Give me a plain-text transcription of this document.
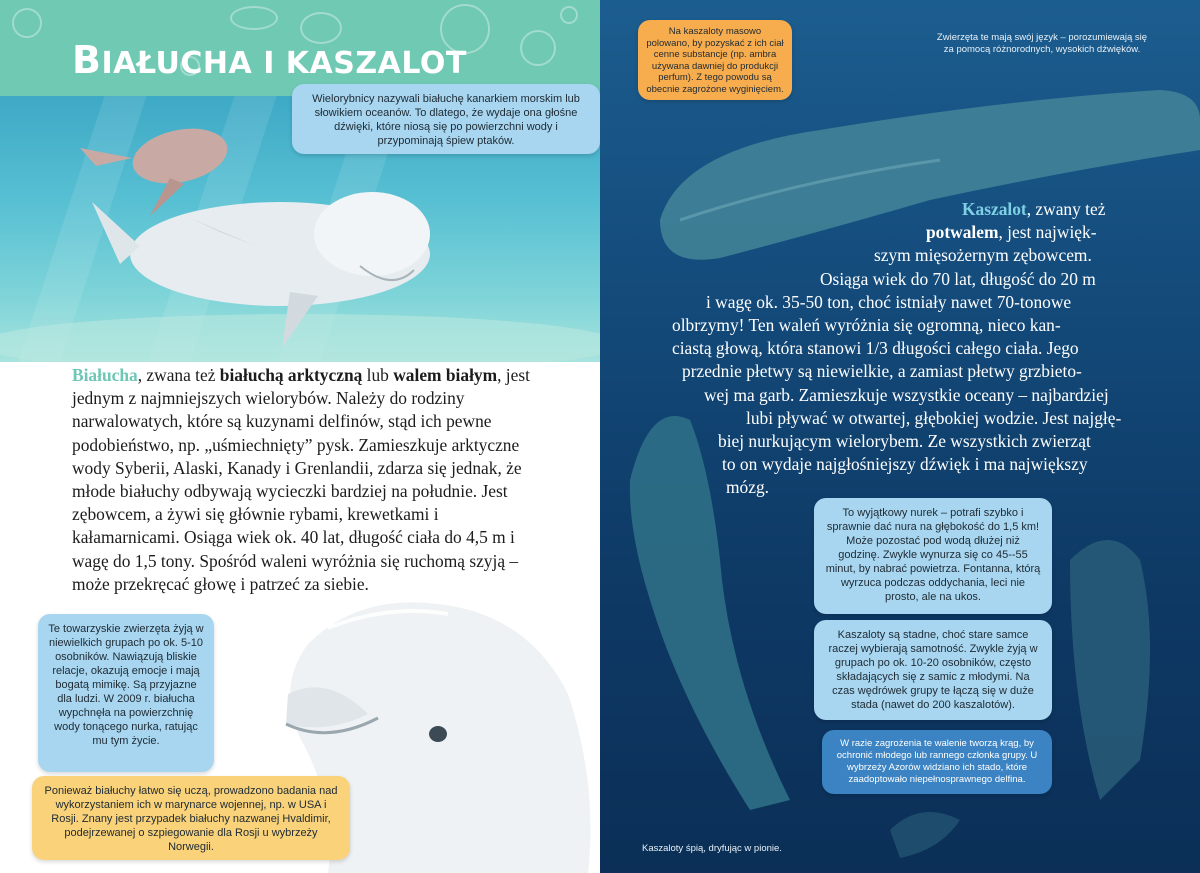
BIAŁUCHA I KASZALOT
Wielorybnicy nazywali białuchę kanarkiem morskim lub słowikiem oceanów. To dlatego, że wydaje ona głośne dźwięki, które niosą się po powierzchni wody i przypominają śpiew ptaków.
Białucha, zwana też białuchą arktyczną lub walem białym, jest jednym z najmniejszych wielorybów. Należy do rodziny narwalowatych, które są kuzynami delfinów, stąd ich pewne podobieństwo, np. „uśmiechnięty” pysk. Zamieszkuje arktyczne wody Syberii, Alaski, Kanady i Grenlandii, zdarza się jednak, że młode białuchy odbywają wycieczki bardziej na południe. Jest zębowcem, a żywi się głównie rybami, krewetkami i kałamarnicami. Osiąga wiek ok. 40 lat, długość ciała do 4,5 m i wagę do 1,5 tony. Spośród waleni wyróżnia się ruchomą szyją – może przekręcać głowę i patrzeć za siebie.
Te towarzyskie zwierzęta żyją w niewielkich grupach po ok. 5-10 osobników. Nawiązują bliskie relacje, okazują emocje i mają bogatą mimikę. Są przyjazne dla ludzi. W 2009 r. białucha wypchnęła na powierzchnię wody tonącego nurka, ratując mu tym życie.
Ponieważ białuchy łatwo się uczą, prowadzono badania nad wykorzystaniem ich w marynarce wojennej, np. w USA i Rosji. Znany jest przypadek białuchy nazwanej Hvaldimir, podejrzewanej o szpiegowanie dla Rosji u wybrzeży Norwegii.
Na kaszaloty masowo polowano, by pozyskać z ich ciał cenne substancje (np. ambra używana dawniej do produkcji perfum). Z tego powodu są obecnie zagrożone wyginięciem.
Zwierzęta te mają swój język – porozumiewają się za pomocą różnorodnych, wysokich dźwięków.
Kaszalot, zwany też
potwalem, jest najwięk-
szym mięsożernym zębowcem.
Osiąga wiek do 70 lat, długość do 20 m
i wagę ok. 35-50 ton, choć istniały nawet 70-tonowe
olbrzymy! Ten waleń wyróżnia się ogromną, nieco kan-
ciastą głową, która stanowi 1/3 długości całego ciała. Jego
przednie płetwy są niewielkie, a zamiast płetwy grzbieto-
wej ma garb. Zamieszkuje wszystkie oceany – najbardziej
lubi pływać w otwartej, głębokiej wodzie. Jest najgłę-
biej nurkującym wielorybem. Ze wszystkich zwierząt
to on wydaje najgłośniejszy dźwięk i ma największy
mózg.
To wyjątkowy nurek – potrafi szybko i sprawnie dać nura na głębokość do 1,5 km! Może pozostać pod wodą dłużej niż godzinę. Zwykle wynurza się co 45--55 minut, by nabrać powietrza. Fontanna, którą wyrzuca podczas oddychania, leci nie prosto, ale na ukos.
Kaszaloty są stadne, choć stare samce raczej wybierają samotność. Zwykle żyją w grupach po ok. 10-20 osobników, często składających się z samic z młodymi. Na czas wędrówek grupy te łączą się w duże stada (nawet do 200 kaszalotów).
W razie zagrożenia te walenie tworzą krąg, by ochronić młodego lub rannego członka grupy. U wybrzeży Azorów widziano ich stado, które zaadoptowało niepełnosprawnego delfina.
Kaszaloty śpią, dryfując w pionie.
